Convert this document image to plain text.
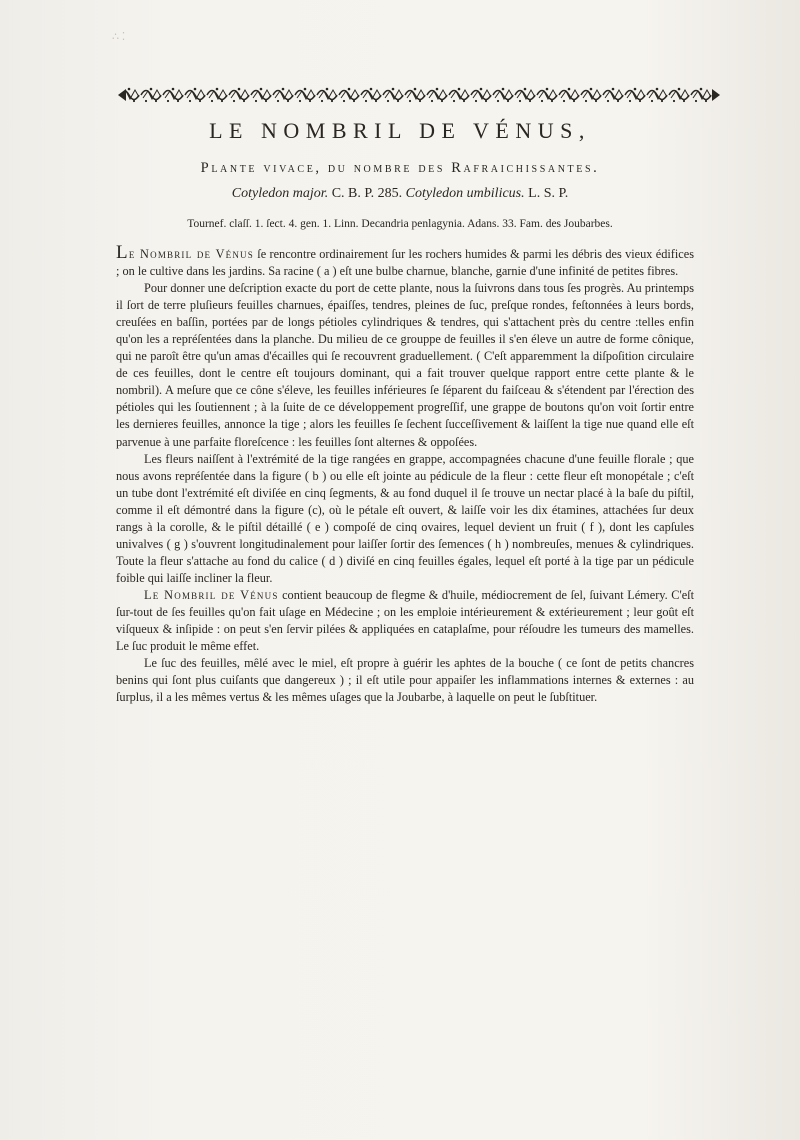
∴ ⁚
LE NOMBRIL DE VÉNUS,
Plante vivace, du nombre des Rafraichissantes.
Cotyledon major. C. B. P. 285. Cotyledon umbilicus. L. S. P.
Tournef. claſſ. 1. ſect. 4. gen. 1. Linn. Decandria penlagynia. Adans. 33. Fam. des Joubarbes.

Le Nombril de Vénus ſe rencontre ordinairement ſur les rochers humides & parmi les débris des vieux édifices ; on le cultive dans les jardins. Sa racine ( a ) eſt une bulbe charnue, blanche, garnie d'une infinité de petites fibres.

Pour donner une deſcription exacte du port de cette plante, nous la ſuivrons dans tous ſes progrès. Au printemps il ſort de terre pluſieurs feuilles charnues, épaiſſes, tendres, pleines de ſuc, preſque rondes, feſtonnées à leurs bords, creuſées en baſſin, portées par de longs pétioles cylindriques & tendres, qui s'attachent près du centre :telles enfin qu'on les a repréſentées dans la planche. Du milieu de ce grouppe de feuilles il s'en éleve un autre de forme cônique, qui ne paroît être qu'un amas d'écailles qui ſe recouvrent graduellement. ( C'eſt apparemment la diſpoſition circulaire de ces feuilles, dont le centre eſt toujours dominant, qui a fait trouver quelque rapport entre cette plante & le nombril). A meſure que ce cône s'éleve, les feuilles inférieures ſe ſéparent du faiſceau & s'étendent par l'érection des pétioles qui les ſoutiennent ; à la ſuite de ce développement progreſſif, une grappe de boutons qu'on voit ſortir entre les dernieres feuilles, annonce la tige ; alors les feuilles ſe ſechent ſucceſſivement & laiſſent la tige nue quand elle eſt parvenue à une parfaite floreſcence : les feuilles ſont alternes & oppoſées.

Les fleurs naiſſent à l'extrémité de la tige rangées en grappe, accompagnées chacune d'une feuille florale ; que nous avons repréſentée dans la figure ( b ) ou elle eſt jointe au pédicule de la fleur : cette fleur eſt monopétale ; c'eſt un tube dont l'extrémité eſt diviſée en cinq ſegments, & au fond duquel il ſe trouve un nectar placé à la baſe du piſtil, comme il eſt démontré dans la figure (c), où le pétale eſt ouvert, & laiſſe voir les dix étamines, attachées ſur deux rangs à la corolle, & le piſtil détaillé ( e ) compoſé de cinq ovaires, lequel devient un fruit ( f ), dont les capſules univalves ( g ) s'ouvrent longitudinalement pour laiſſer ſortir des ſemences ( h ) nombreuſes, menues & cylindriques. Toute la fleur s'attache au fond du calice ( d ) diviſé en cinq feuilles égales, lequel eſt porté à la tige par un pédicule foible qui laiſſe incliner la fleur.

Le Nombril de Vénus contient beaucoup de flegme & d'huile, médiocrement de ſel, ſuivant Lémery. C'eſt ſur-tout de ſes feuilles qu'on fait uſage en Médecine ; on les emploie intérieurement & extérieurement ; leur goût eſt viſqueux & inſipide : on peut s'en ſervir pilées & appliquées en cataplaſme, pour réſoudre les tumeurs des mamelles. Le ſuc produit le même effet.

Le ſuc des feuilles, mêlé avec le miel, eſt propre à guérir les aphtes de la bouche ( ce ſont de petits chancres benins qui ſont plus cuiſants que dangereux ) ; il eſt utile pour appaiſer les inflammations internes & externes : au ſurplus, il a les mêmes vertus & les mêmes uſages que la Joubarbe, à laquelle on peut le ſubſtituer.
